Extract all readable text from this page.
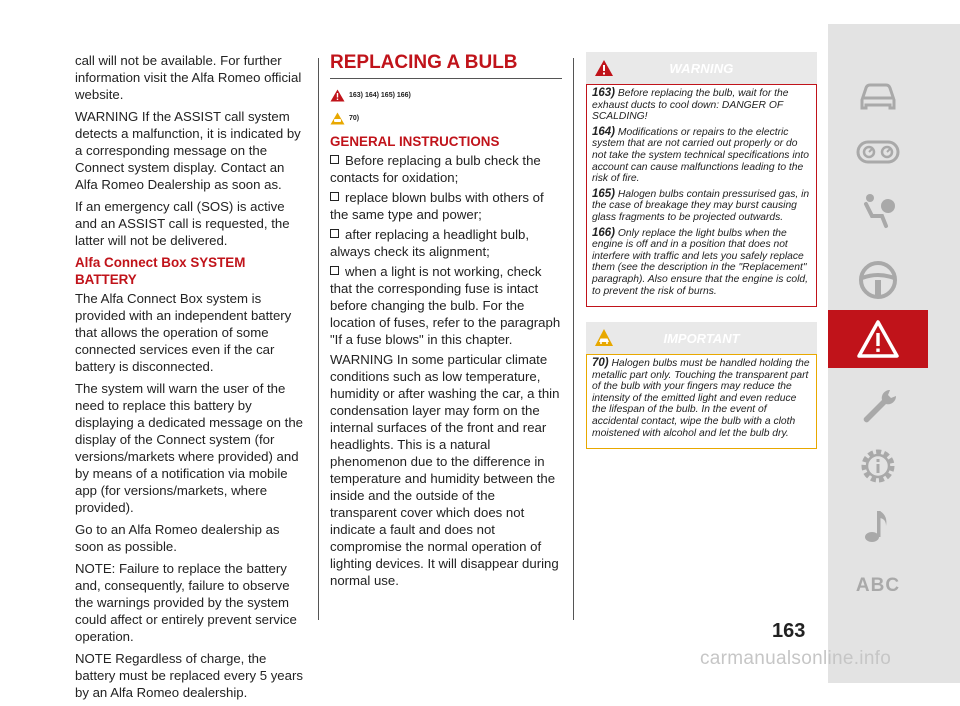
call will not be available. For further information visit the Alfa Romeo official website.

WARNING If the ASSIST call system detects a malfunction, it is indicated by a corresponding message on the Connect system display. Contact an Alfa Romeo Dealership as soon as.

If an emergency call (SOS) is active and an ASSIST call is requested, the latter will not be delivered.

Alfa Connect Box SYSTEM BATTERY

The Alfa Connect Box system is provided with an independent battery that allows the operation of some connected services even if the car battery is disconnected.

The system will warn the user of the need to replace this battery by displaying a dedicated message on the display of the Connect system (for versions/markets where provided) and by means of a notification via mobile app (for versions/markets, where provided).

Go to an Alfa Romeo dealership as soon as possible.

NOTE: Failure to replace the battery and, consequently, failure to observe the warnings provided by the system could affect or entirely prevent service operation.

NOTE Regardless of charge, the battery must be replaced every 5 years by an Alfa Romeo dealership.

REPLACING A BULB
163) 164) 165) 166)
70)
GENERAL INSTRUCTIONS
Before replacing a bulb check the contacts for oxidation;
replace blown bulbs with others of the same type and power;
after replacing a headlight bulb, always check its alignment;
when a light is not working, check that the corresponding fuse is intact before changing the bulb. For the location of fuses, refer to the paragraph "If a fuse blows" in this chapter.

WARNING In some particular climate conditions such as low temperature, humidity or after washing the car, a thin condensation layer may form on the internal surfaces of the front and rear headlights. This is a natural phenomenon due to the difference in temperature and humidity between the inside and the outside of the transparent cover which does not indicate a fault and does not compromise the normal operation of lighting devices. It will disappear during normal use.

WARNING

163) Before replacing the bulb, wait for the exhaust ducts to cool down: DANGER OF SCALDING!

164) Modifications or repairs to the electric system that are not carried out properly or do not take the system technical specifications into account can cause malfunctions leading to the risk of fire.

165) Halogen bulbs contain pressurised gas, in the case of breakage they may burst causing glass fragments to be projected outwards.

166) Only replace the light bulbs when the engine is off and in a position that does not interfere with traffic and lets you safely replace them (see the description in the "Replacement" paragraph). Also ensure that the engine is cold, to prevent the risk of burns.

IMPORTANT

70) Halogen bulbs must be handled holding the metallic part only. Touching the transparent part of the bulb with your fingers may reduce the intensity of the emitted light and even reduce the lifespan of the bulb. In the event of accidental contact, wipe the bulb with a cloth moistened with alcohol and let the bulb dry.

ABC
163
carmanualsonline.info
